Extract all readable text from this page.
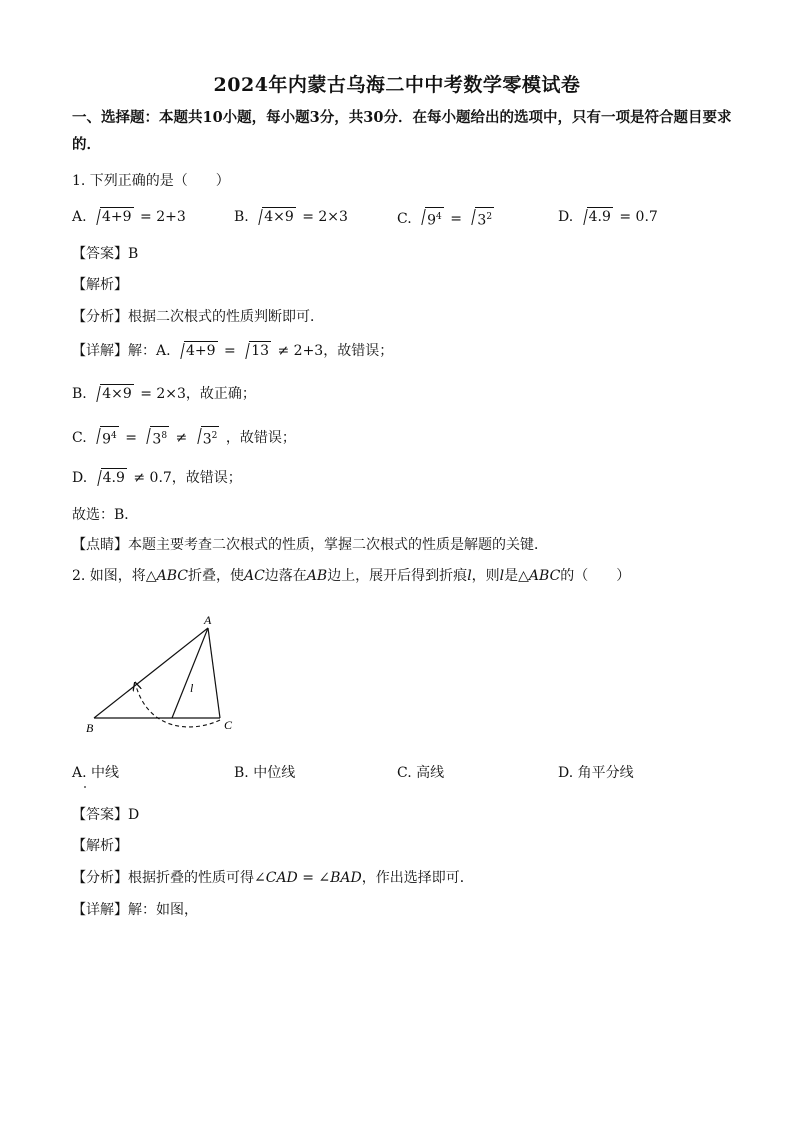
2024年内蒙古乌海二中中考数学零模试卷
一、选择题：本题共10小题，每小题3分，共30分．在每小题给出的选项中，只有一项是符合题目要求的．
1. 下列正确的是（　　）
A. 4+9 = 2+3	B. 4×9 = 2×3	C. $9^4 = 3^2$	D. 4.9 = 0.7
【答案】B
【解析】
【分析】根据二次根式的性质判断即可．
【详解】解：A. 4+9 = 13 ≠ 2+3，故错误；
B. 4×9 = 2×3，故正确；
C. $9^4 = 3^8 \ne 3^2$ ，故错误；
D. 4.9 ≠ 0.7，故错误；
故选：B．
【点睛】本题主要考查二次根式的性质，掌握二次根式的性质是解题的关键．
2. 如图，将△ABC折叠，使AC边落在AB边上，展开后得到折痕l，则l是△ABC的（　　）
A
B	C
l
A. 中线	B. 中位线	C. 高线	D. 角平分线
【答案】D
【解析】
【分析】根据折叠的性质可得∠CAD = ∠BAD，作出选择即可．
【详解】解：如图，
